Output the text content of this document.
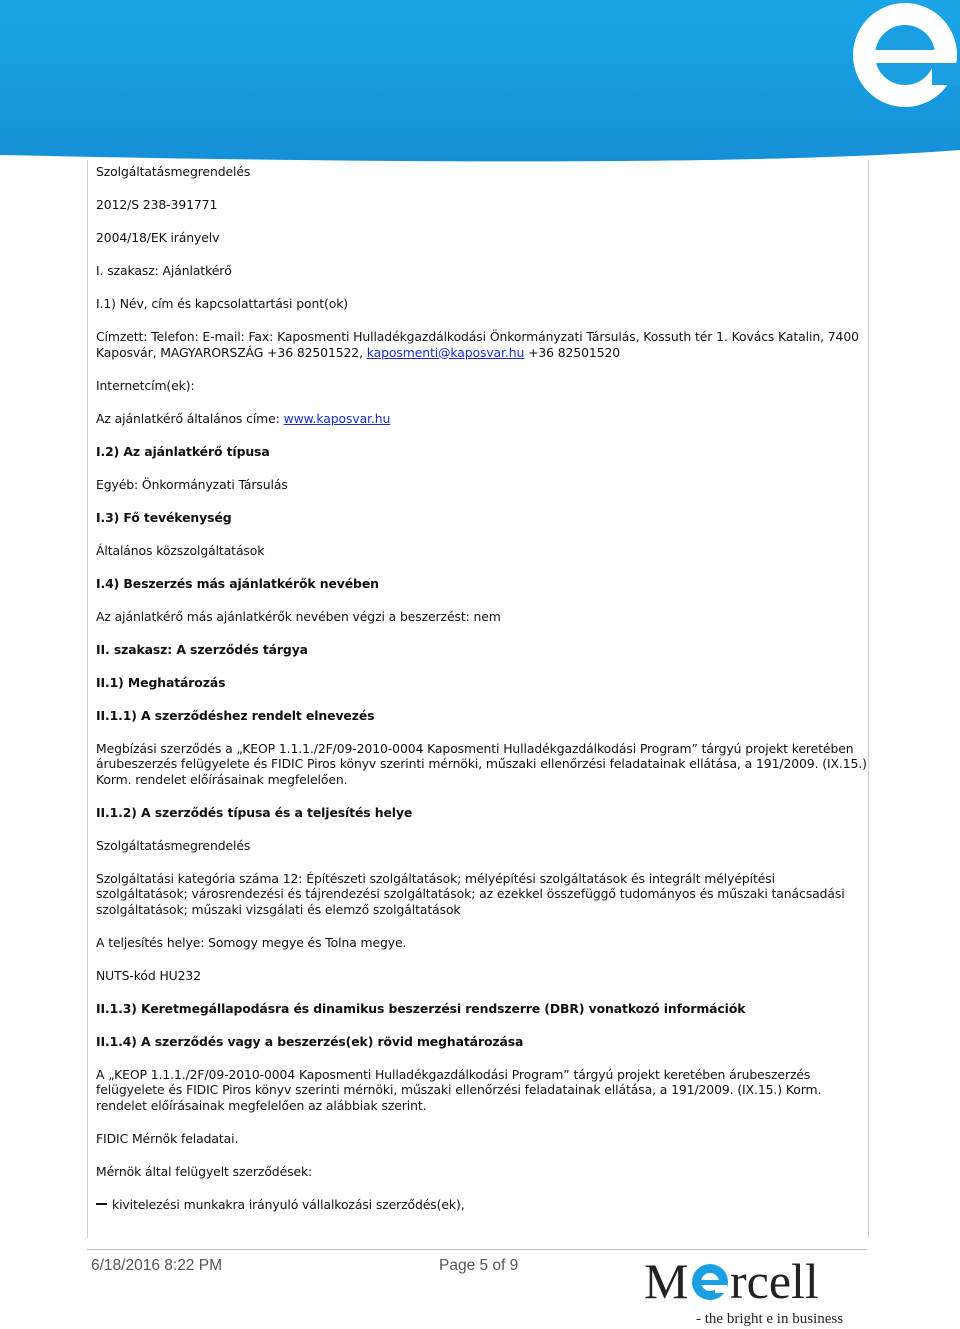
Szolgáltatásmegrendelés

2012/S 238-391771

2004/18/EK irányelv

I. szakasz: Ajánlatkérő

I.1) Név, cím és kapcsolattartási pont(ok)

Címzett: Telefon: E-mail: Fax: Kaposmenti Hulladékgazdálkodási Önkormányzati Társulás, Kossuth tér 1. Kovács Katalin, 7400 Kaposvár, MAGYARORSZÁG +36 82501522, kaposmenti@kaposvar.hu +36 82501520

Internetcím(ek):

Az ajánlatkérő általános címe: www.kaposvar.hu

I.2) Az ajánlatkérő típusa

Egyéb: Önkormányzati Társulás

I.3) Fő tevékenység

Általános közszolgáltatások

I.4) Beszerzés más ajánlatkérők nevében

Az ajánlatkérő más ajánlatkérők nevében végzi a beszerzést: nem

II. szakasz: A szerződés tárgya

II.1) Meghatározás

II.1.1) A szerződéshez rendelt elnevezés

Megbízási szerződés a „KEOP 1.1.1./2F/09-2010-0004 Kaposmenti Hulladékgazdálkodási Program” tárgyú projekt keretében árubeszerzés felügyelete és FIDIC Piros könyv szerinti mérnöki, műszaki ellenőrzési feladatainak ellátása, a 191/2009. (IX.15.) Korm. rendelet előírásainak megfelelően.

II.1.2) A szerződés típusa és a teljesítés helye

Szolgáltatásmegrendelés

Szolgáltatási kategória száma 12: Építészeti szolgáltatások; mélyépítési szolgáltatások és integrált mélyépítési szolgáltatások; városrendezési és tájrendezési szolgáltatások; az ezekkel összefüggő tudományos és műszaki tanácsadási szolgáltatások; műszaki vizsgálati és elemző szolgáltatások

A teljesítés helye: Somogy megye és Tolna megye.

NUTS-kód HU232

II.1.3) Keretmegállapodásra és dinamikus beszerzési rendszerre (DBR) vonatkozó információk

II.1.4) A szerződés vagy a beszerzés(ek) rövid meghatározása

A „KEOP 1.1.1./2F/09-2010-0004 Kaposmenti Hulladékgazdálkodási Program” tárgyú projekt keretében árubeszerzés felügyelete és FIDIC Piros könyv szerinti mérnöki, műszaki ellenőrzési feladatainak ellátása, a 191/2009. (IX.15.) Korm. rendelet előírásainak megfelelően az alábbiak szerint.

FIDIC Mérnök feladatai.

Mérnök által felügyelt szerződések:

kivitelezési munkakra irányuló vállalkozási szerződés(ek),

6/18/2016 8:22 PM	Page 5 of 9	M rcell
- the bright e in business
